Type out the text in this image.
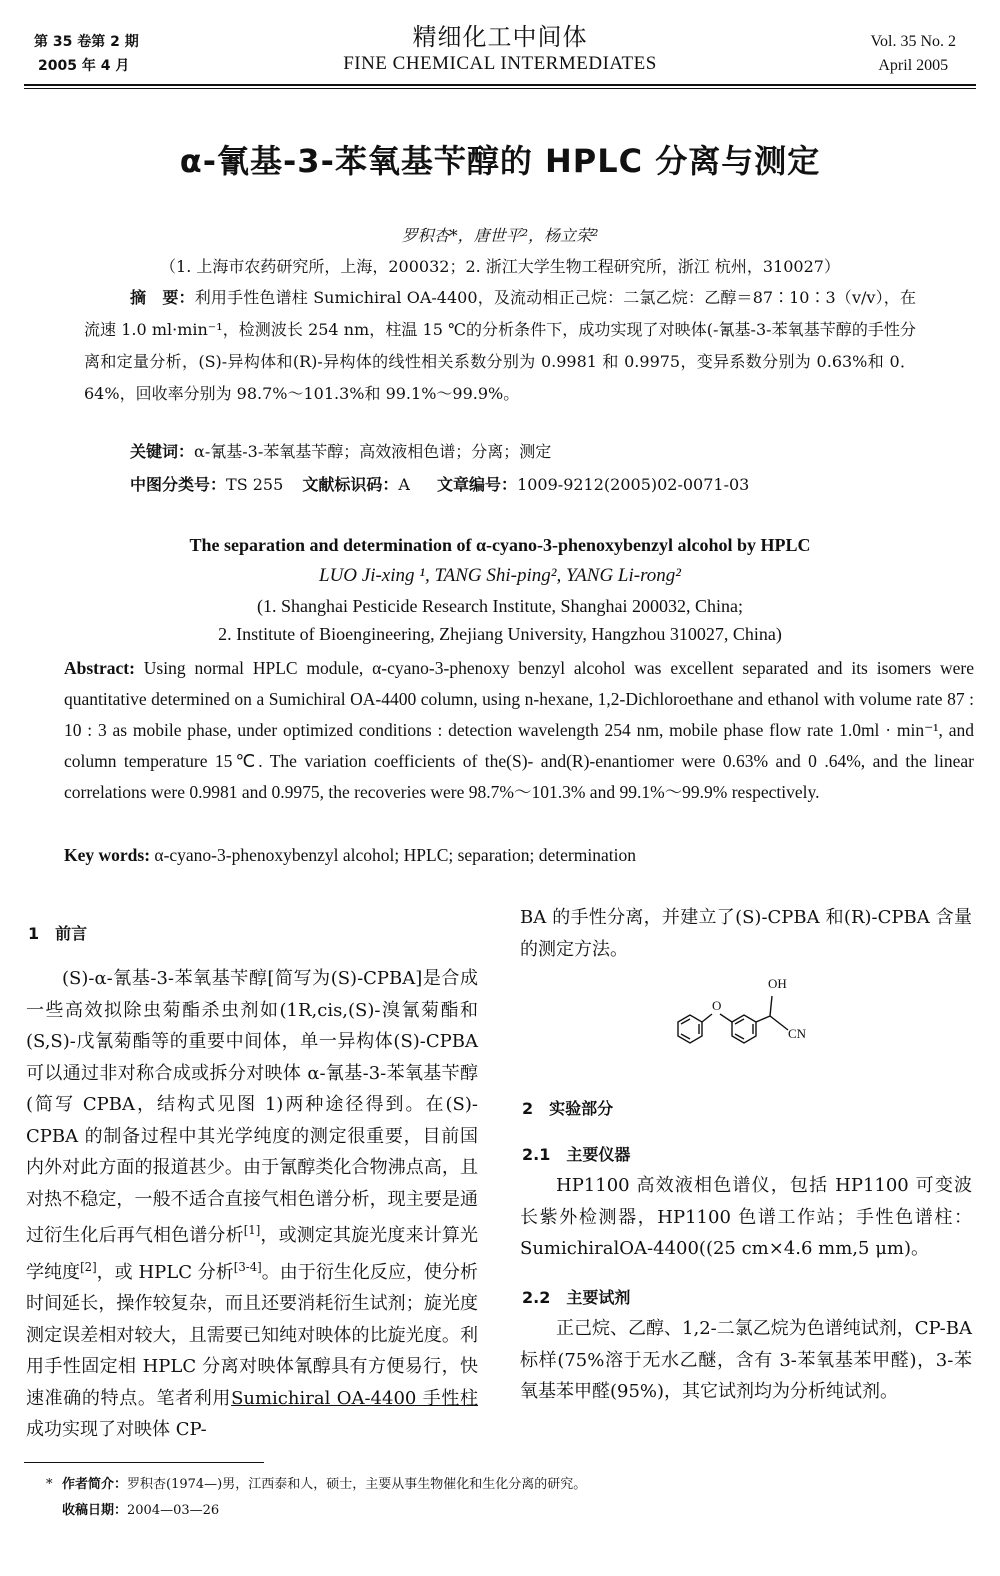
第 35 卷第 2 期
2005 年 4 月
精细化工中间体
FINE CHEMICAL INTERMEDIATES
Vol. 35 No. 2
April 2005
α-氰基-3-苯氧基苄醇的 HPLC 分离与测定
罗积杏*，唐世平²，杨立荣²
（1. 上海市农药研究所，上海，200032；2. 浙江大学生物工程研究所，浙江 杭州，310027）
摘　要：利用手性色谱柱 Sumichiral OA-4400，及流动相正己烷：二氯乙烷：乙醇＝87∶10∶3（v/v），在流速 1.0 ml·min⁻¹，检测波长 254 nm，柱温 15 ℃的分析条件下，成功实现了对映体(-氰基-3-苯氧基苄醇的手性分离和定量分析，(S)-异构体和(R)-异构体的线性相关系数分别为 0.9981 和 0.9975，变异系数分别为 0.63%和 0．64%，回收率分别为 98.7%～101.3%和 99.1%～99.9%。
关键词：α-氰基-3-苯氧基苄醇；高效液相色谱；分离；测定
中图分类号：TS 255 文献标识码：A 文章编号：1009-9212(2005)02-0071-03
The separation and determination of α-cyano-3-phenoxybenzyl alcohol by HPLC
LUO Ji-xing ¹, TANG Shi-ping², YANG Li-rong²
(1. Shanghai Pesticide Research Institute, Shanghai 200032, China;
2. Institute of Bioengineering, Zhejiang University, Hangzhou 310027, China)
Abstract: Using normal HPLC module, α-cyano-3-phenoxy benzyl alcohol was excellent separated and its isomers were quantitative determined on a Sumichiral OA-4400 column, using n-hexane, 1,2-Dichloroethane and ethanol with volume rate 87 : 10 : 3 as mobile phase, under optimized conditions : detection wavelength 254 nm, mobile phase flow rate 1.0ml · min⁻¹, and column temperature 15℃. The variation coefficients of the(S)- and(R)-enantiomer were 0.63% and 0 .64%, and the linear correlations were 0.9981 and 0.9975, the recoveries were 98.7%～101.3% and 99.1%～99.9% respectively.
Key words: α-cyano-3-phenoxybenzyl alcohol; HPLC; separation; determination
1　前言
(S)-α-氰基-3-苯氧基苄醇[简写为(S)-CPBA]是合成一些高效拟除虫菊酯杀虫剂如(1R,cis,(S)-溴氰菊酯和(S,S)-戊氰菊酯等的重要中间体，单一异构体(S)-CPBA 可以通过非对称合成或拆分对映体 α-氰基-3-苯氧基苄醇(简写 CPBA，结构式见图 1)两种途径得到。在(S)-CPBA 的制备过程中其光学纯度的测定很重要，目前国内外对此方面的报道甚少。由于氰醇类化合物沸点高，且对热不稳定，一般不适合直接气相色谱分析，现主要是通过衍生化后再气相色谱分析[1]，或测定其旋光度来计算光学纯度[2]，或 HPLC 分析[3-4]。由于衍生化反应，使分析时间延长，操作较复杂，而且还要消耗衍生试剂；旋光度测定误差相对较大，且需要已知纯对映体的比旋光度。利用手性固定相 HPLC 分离对映体氰醇具有方便易行，快速准确的特点。笔者利用Sumichiral OA-4400 手性柱成功实现了对映体 CP-
BA 的手性分离，并建立了(S)-CPBA 和(R)-CPBA 含量的测定方法。
O
OH
CN
2　实验部分
2.1　主要仪器
HP1100 高效液相色谱仪，包括 HP1100 可变波长紫外检测器，HP1100 色谱工作站；手性色谱柱：SumichiralOA-4400((25 cm×4.6 mm,5 μm)。
2.2　主要试剂
正己烷、乙醇、1,2-二氯乙烷为色谱纯试剂，CP-BA 标样(75%溶于无水乙醚，含有 3-苯氧基苯甲醛)，3-苯氧基苯甲醛(95%)，其它试剂均为分析纯试剂。
* 作者简介：罗积杏(1974—)男，江西泰和人，硕士，主要从事生物催化和生化分离的研究。
收稿日期：2004—03—26
